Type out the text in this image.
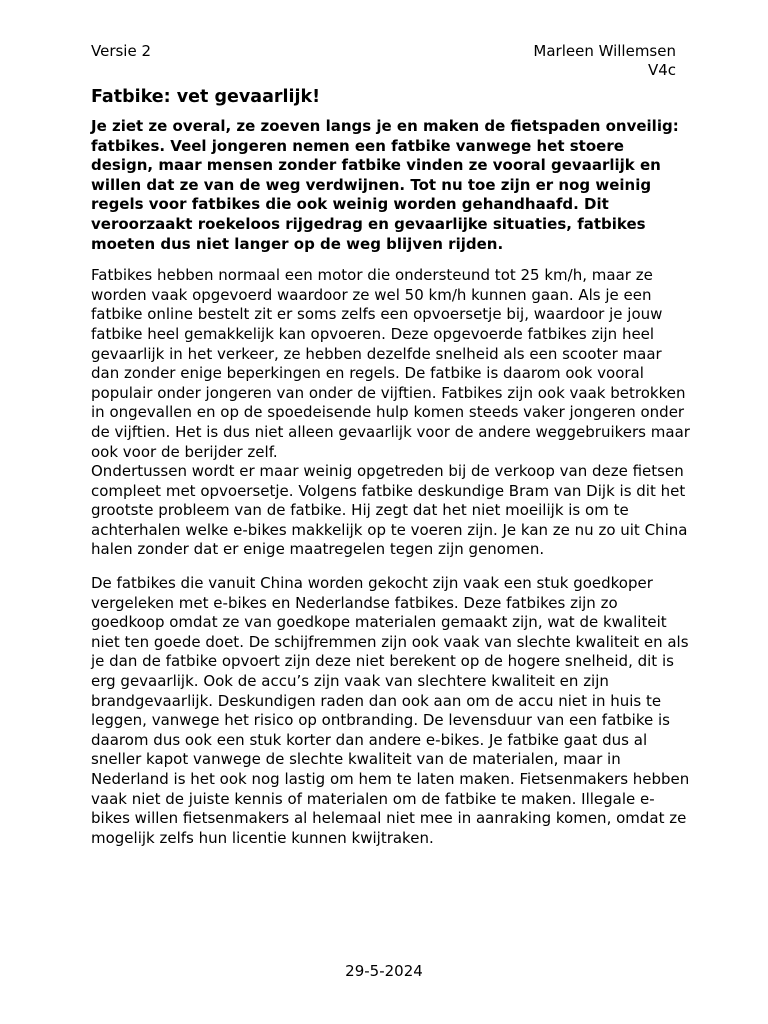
Versie 2	Marleen Willemsen
V4c
Fatbike: vet gevaarlijk!

Je ziet ze overal, ze zoeven langs je en maken de fietspaden onveilig: fatbikes. Veel jongeren nemen een fatbike vanwege het stoere design, maar mensen zonder fatbike vinden ze vooral gevaarlijk en willen dat ze van de weg verdwijnen. Tot nu toe zijn er nog weinig regels voor fatbikes die ook weinig worden gehandhaafd. Dit veroorzaakt roekeloos rijgedrag en gevaarlijke situaties, fatbikes moeten dus niet langer op de weg blijven rijden.

Fatbikes hebben normaal een motor die ondersteund tot 25 km/h, maar ze worden vaak opgevoerd waardoor ze wel 50 km/h kunnen gaan. Als je een fatbike online bestelt zit er soms zelfs een opvoersetje bij, waardoor je jouw fatbike heel gemakkelijk kan opvoeren. Deze opgevoerde fatbikes zijn heel gevaarlijk in het verkeer, ze hebben dezelfde snelheid als een scooter maar dan zonder enige beperkingen en regels. De fatbike is daarom ook vooral populair onder jongeren van onder de vijftien. Fatbikes zijn ook vaak betrokken in ongevallen en op de spoedeisende hulp komen steeds vaker jongeren onder de vijftien. Het is dus niet alleen gevaarlijk voor de andere weggebruikers maar ook voor de berijder zelf.

Ondertussen wordt er maar weinig opgetreden bij de verkoop van deze fietsen compleet met opvoersetje. Volgens fatbike deskundige Bram van Dijk is dit het grootste probleem van de fatbike. Hij zegt dat het niet moeilijk is om te achterhalen welke e-bikes makkelijk op te voeren zijn. Je kan ze nu zo uit China halen zonder dat er enige maatregelen tegen zijn genomen.

De fatbikes die vanuit China worden gekocht zijn vaak een stuk goedkoper vergeleken met e-bikes en Nederlandse fatbikes. Deze fatbikes zijn zo goedkoop omdat ze van goedkope materialen gemaakt zijn, wat de kwaliteit niet ten goede doet. De schijfremmen zijn ook vaak van slechte kwaliteit en als je dan de fatbike opvoert zijn deze niet berekent op de hogere snelheid, dit is erg gevaarlijk. Ook de accu’s zijn vaak van slechtere kwaliteit en zijn brandgevaarlijk. Deskundigen raden dan ook aan om de accu niet in huis te leggen, vanwege het risico op ontbranding. De levensduur van een fatbike is daarom dus ook een stuk korter dan andere e-bikes. Je fatbike gaat dus al sneller kapot vanwege de slechte kwaliteit van de materialen, maar in Nederland is het ook nog lastig om hem te laten maken. Fietsenmakers hebben vaak niet de juiste kennis of materialen om de fatbike te maken. Illegale e-bikes willen fietsenmakers al helemaal niet mee in aanraking komen, omdat ze mogelijk zelfs hun licentie kunnen kwijtraken.

29-5-2024
